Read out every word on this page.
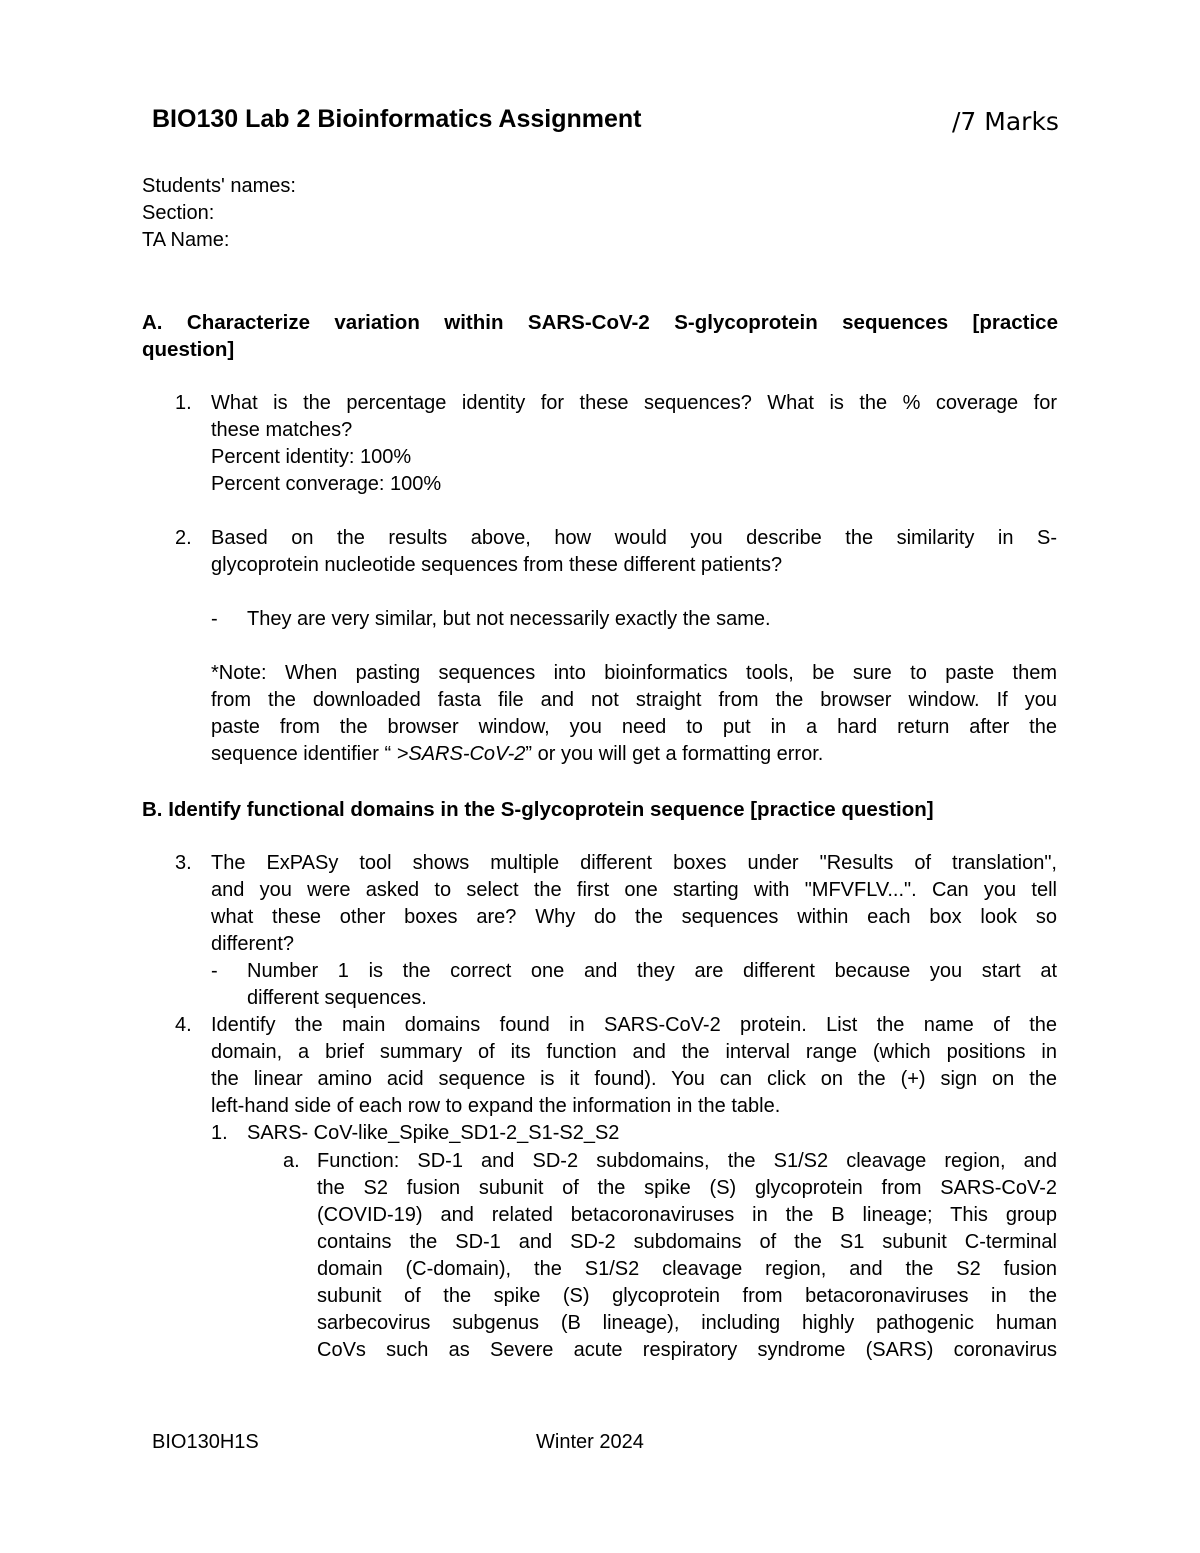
BIO130 Lab 2 Bioinformatics Assignment	/7 Marks
Students' names:
Section:
TA Name:
A. Characterize variation within SARS-CoV-2 S-glycoprotein sequences [practice
question]
1. What is the percentage identity for these sequences? What is the % coverage for
these matches?
Percent identity: 100%
Percent converage: 100%
2. Based on the results above, how would you describe the similarity in S-
glycoprotein nucleotide sequences from these different patients?
- They are very similar, but not necessarily exactly the same.
*Note: When pasting sequences into bioinformatics tools, be sure to paste them
from the downloaded fasta file and not straight from the browser window. If you
paste from the browser window, you need to put in a hard return after the
sequence identifier “ >SARS-CoV-2” or you will get a formatting error.
B. Identify functional domains in the S-glycoprotein sequence [practice question]
3. The ExPASy tool shows multiple different boxes under "Results of translation",
and you were asked to select the first one starting with "MFVFLV...". Can you tell
what these other boxes are? Why do the sequences within each box look so
different?
- Number 1 is the correct one and they are different because you start at
different sequences.
4. Identify the main domains found in SARS-CoV-2 protein. List the name of the
domain, a brief summary of its function and the interval range (which positions in
the linear amino acid sequence is it found). You can click on the (+) sign on the
left-hand side of each row to expand the information in the table.
1. SARS- CoV-like_Spike_SD1-2_S1-S2_S2
a. Function: SD-1 and SD-2 subdomains, the S1/S2 cleavage region, and
the S2 fusion subunit of the spike (S) glycoprotein from SARS-CoV-2
(COVID-19) and related betacoronaviruses in the B lineage; This group
contains the SD-1 and SD-2 subdomains of the S1 subunit C-terminal
domain (C-domain), the S1/S2 cleavage region, and the S2 fusion
subunit of the spike (S) glycoprotein from betacoronaviruses in the
sarbecovirus subgenus (B lineage), including highly pathogenic human
CoVs such as Severe acute respiratory syndrome (SARS) coronavirus
BIO130H1S	Winter 2024
